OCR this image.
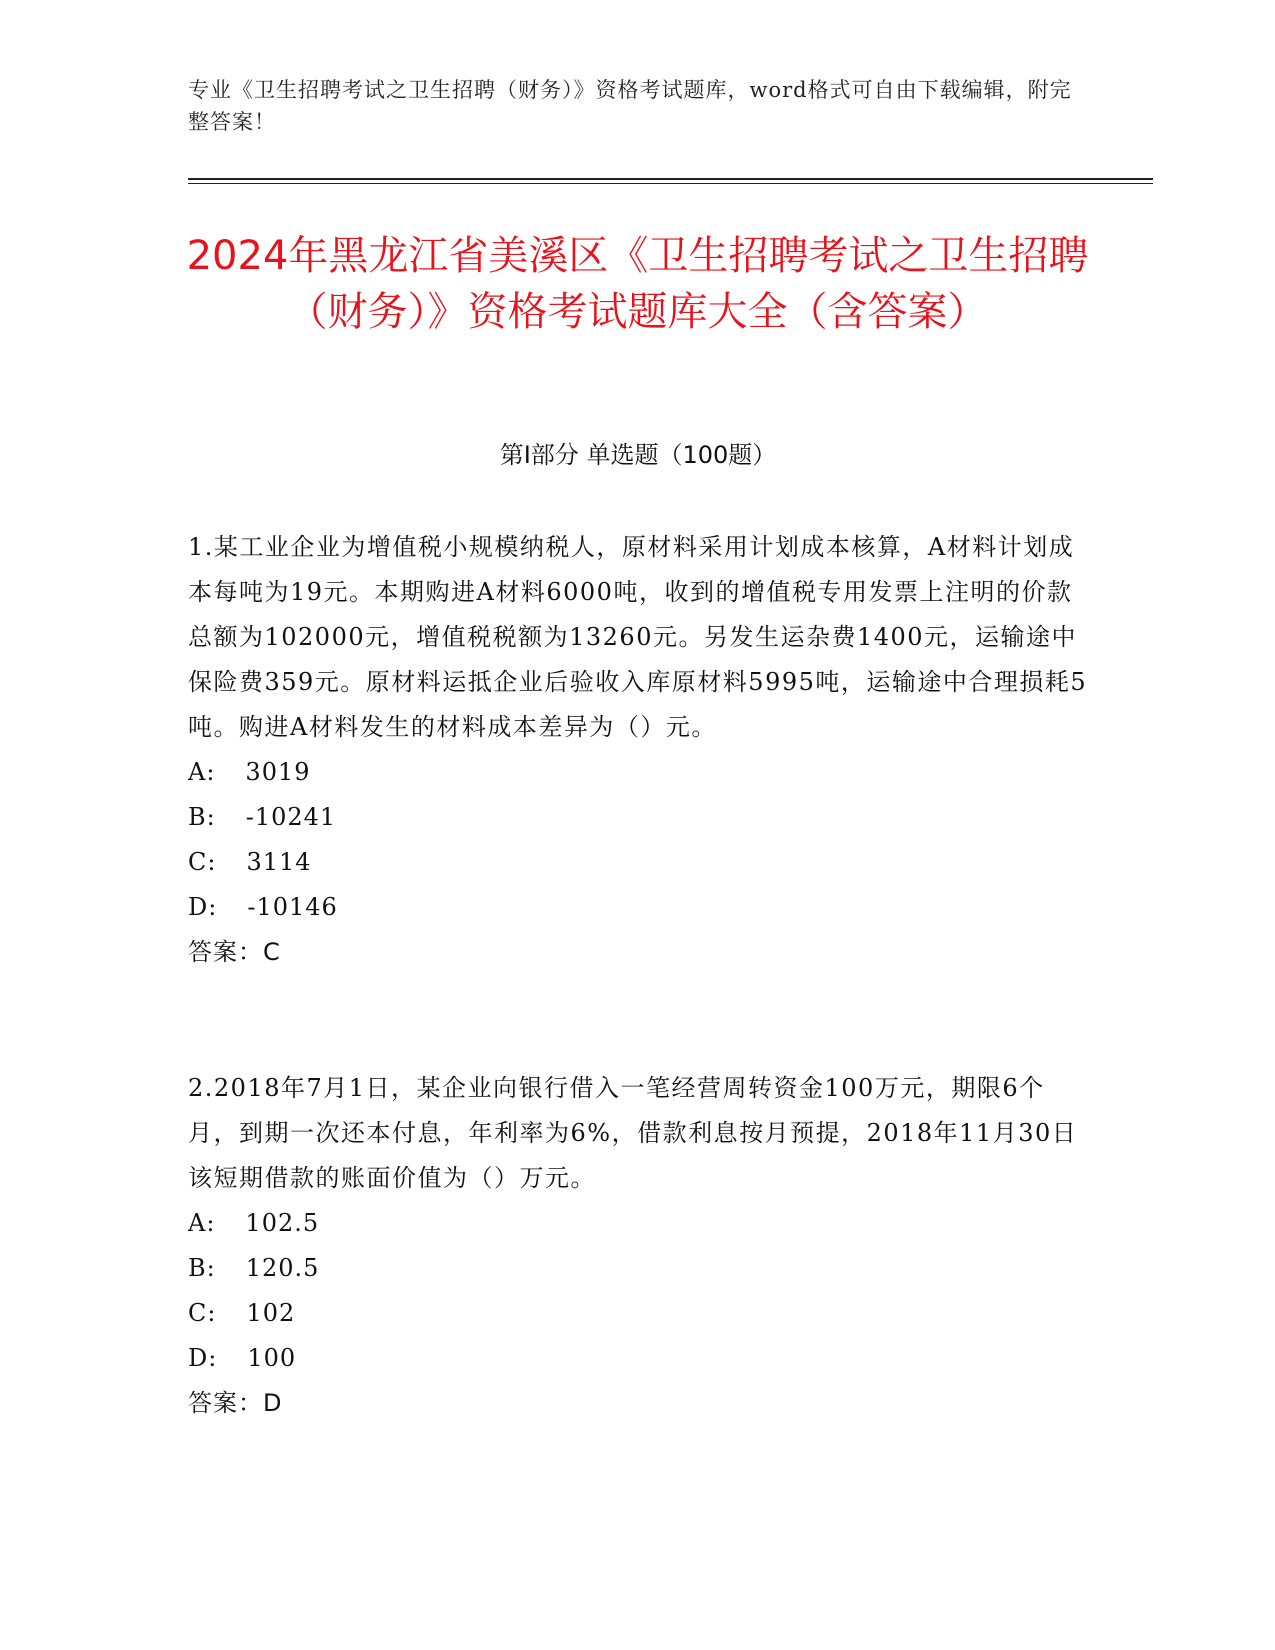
专业《卫生招聘考试之卫生招聘（财务）》资格考试题库，word格式可自由下载编辑，附完整答案！
2024年黑龙江省美溪区《卫生招聘考试之卫生招聘（财务）》资格考试题库大全（含答案）
第Ⅰ部分 单选题（100题）

1.某工业企业为增值税小规模纳税人，原材料采用计划成本核算，A材料计划成本每吨为19元。本期购进A材料6000吨，收到的增值税专用发票上注明的价款总额为102000元，增值税税额为13260元。另发生运杂费1400元，运输途中保险费359元。原材料运抵企业后验收入库原材料5995吨，运输途中合理损耗5吨。购进A材料发生的材料成本差异为（）元。

A: 3019

B: -10241

C: 3114

D: -10146

答案：C

2.2018年7月1日，某企业向银行借入一笔经营周转资金100万元，期限6个月，到期一次还本付息，年利率为6%，借款利息按月预提，2018年11月30日该短期借款的账面价值为（）万元。

A: 102.5

B: 120.5

C: 102

D: 100

答案：D
